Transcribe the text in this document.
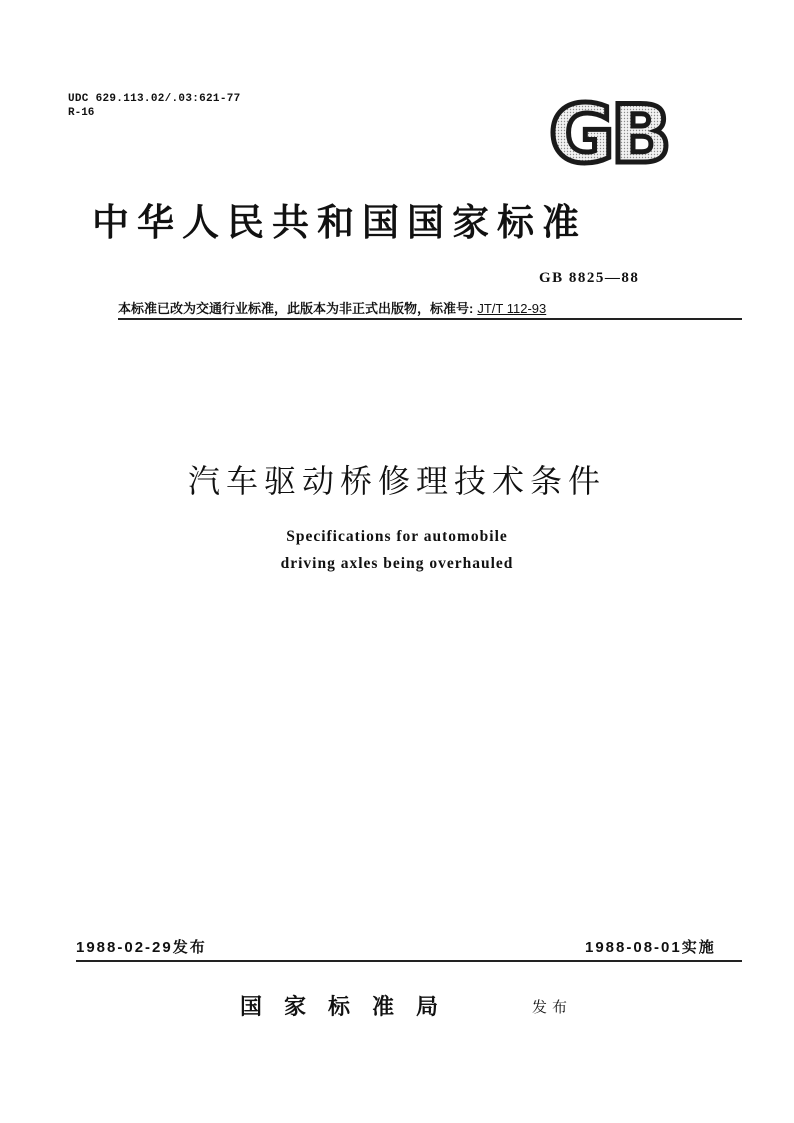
UDC 629.113.02/.03:621-77
R-16	GB
中华人民共和国国家标准
GB 8825—88
本标准已改为交通行业标准，此版本为非正式出版物，标准号: JT/T 112-93
汽车驱动桥修理技术条件
Specifications for automobile
driving axles being overhauled
1988-02-29发布	1988-08-01实施
国家标准局	发布
